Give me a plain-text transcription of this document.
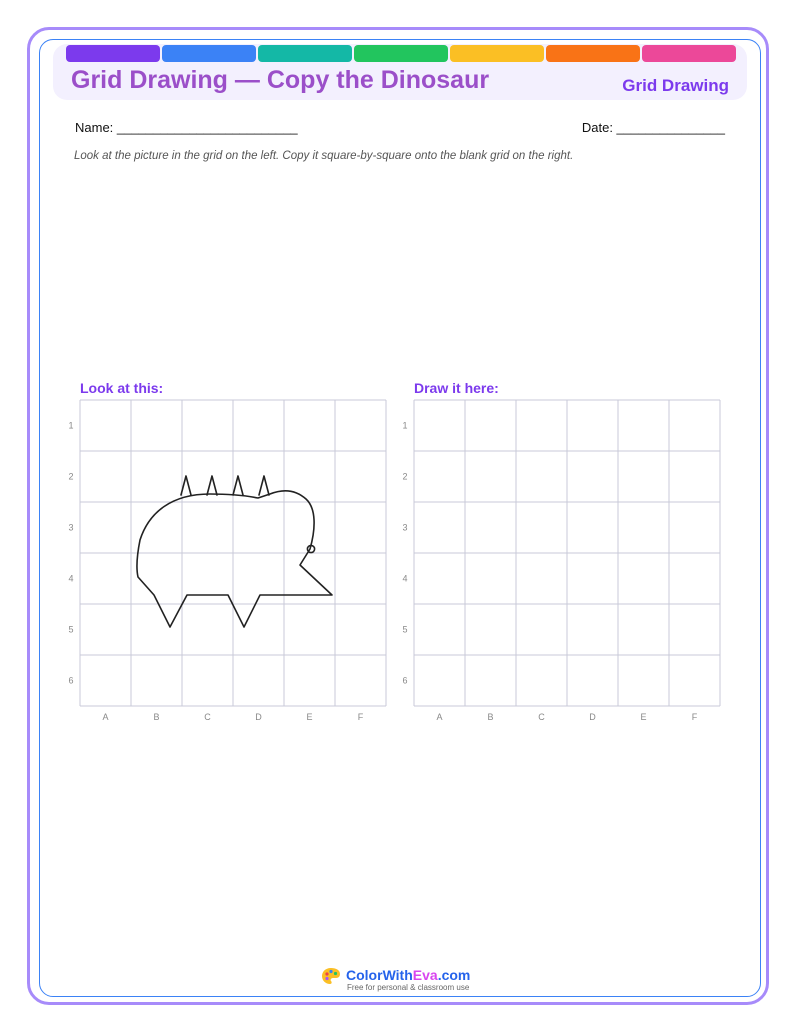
Grid Drawing — Copy the Dinosaur	Grid Drawing
Name: _________________________	Date: _______________
Look at the picture in the grid on the left. Copy it square-by-square onto the blank grid on the right.
Look at this:	Draw it here:
A	B	C	D	E	F
1
2
3
4
5
6
A	B	C	D	E	F
1
2
3
4
5
6
ColorWithEva.com
Free for personal & classroom use
